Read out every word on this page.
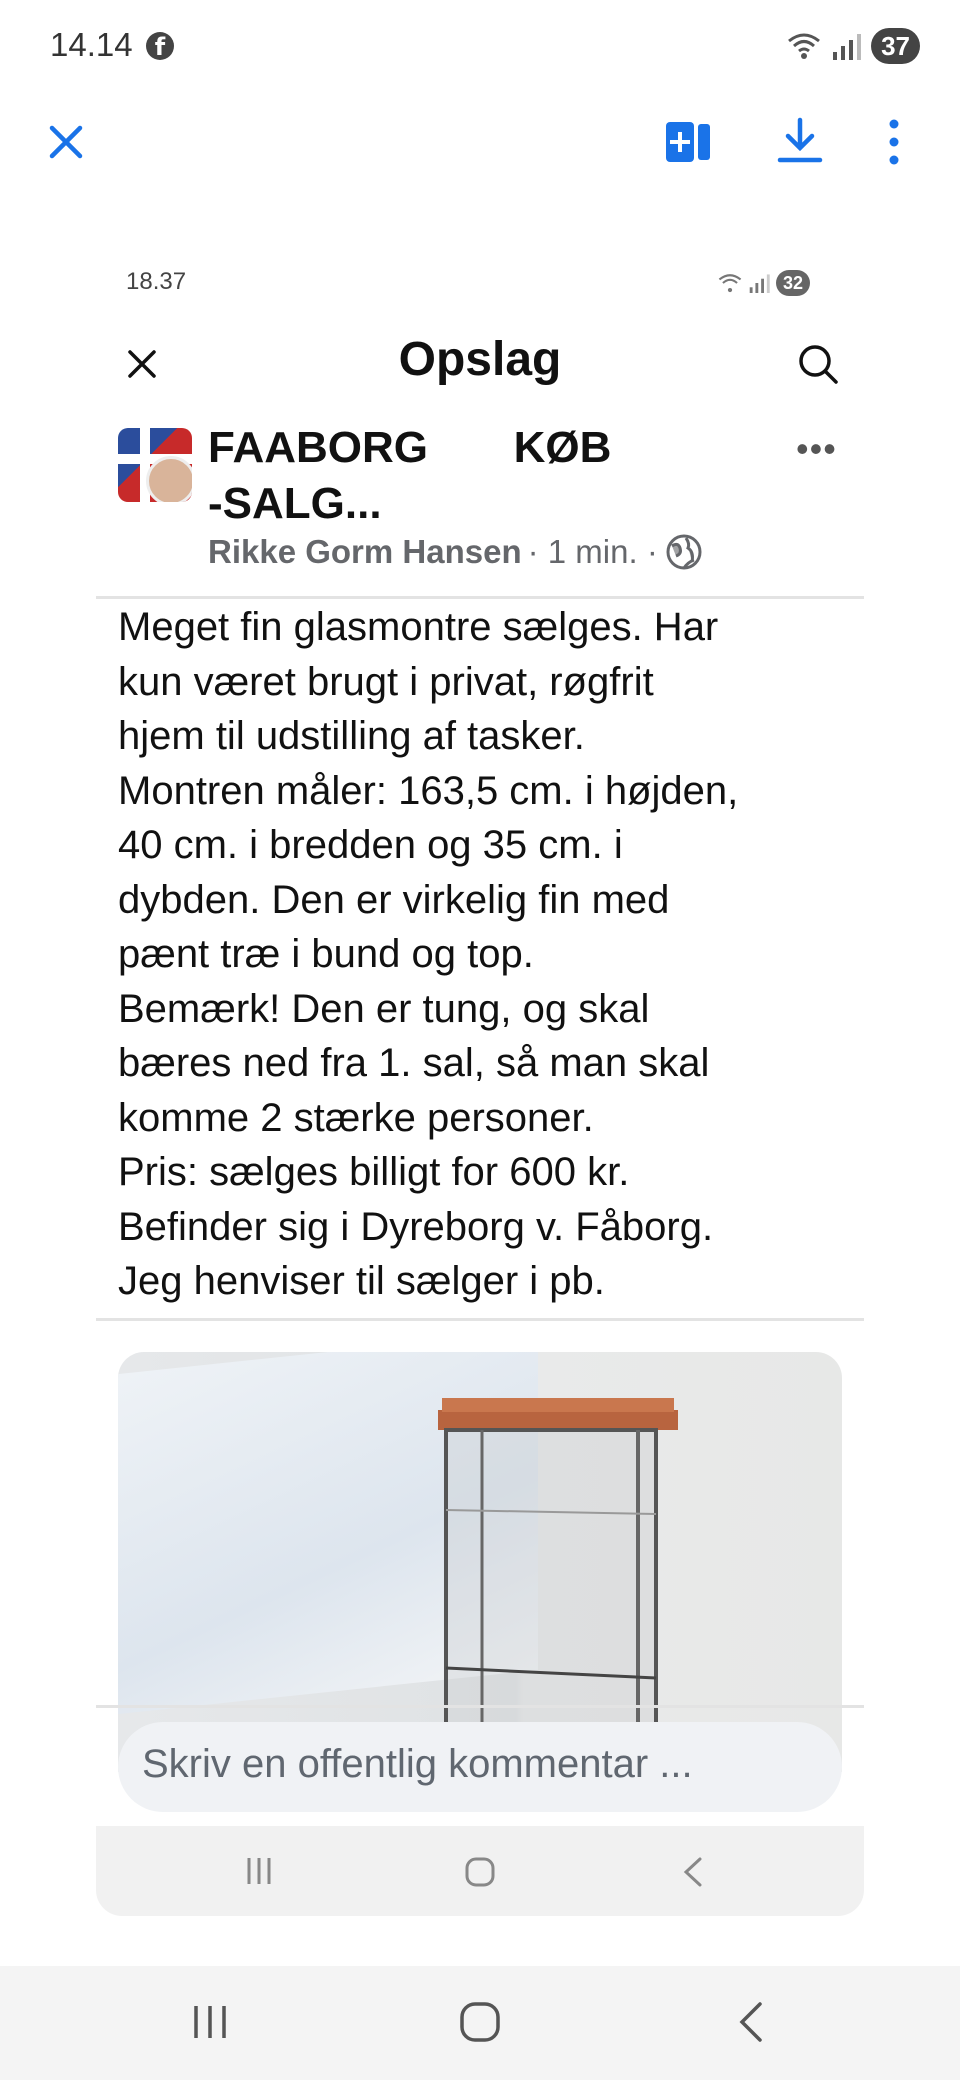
14.14 f	37
18.37	32
Opslag
FAABORG       KØB
-SALG...
•••
Rikke Gorm Hansen · 1 min. ·
Meget fin glasmontre sælges. Har
kun været brugt i privat, røgfrit
hjem til udstilling af tasker.
Montren måler: 163,5 cm. i højden,
40 cm. i bredden og 35 cm. i
dybden. Den er virkelig fin med
pænt træ i bund og top.
Bemærk! Den er tung, og skal
bæres ned fra 1. sal, så man skal
komme 2 stærke personer.
Pris: sælges billigt for 600 kr.
Befinder sig i Dyreborg v. Fåborg.
Jeg henviser til sælger i pb.
Skriv en offentlig kommentar ...
